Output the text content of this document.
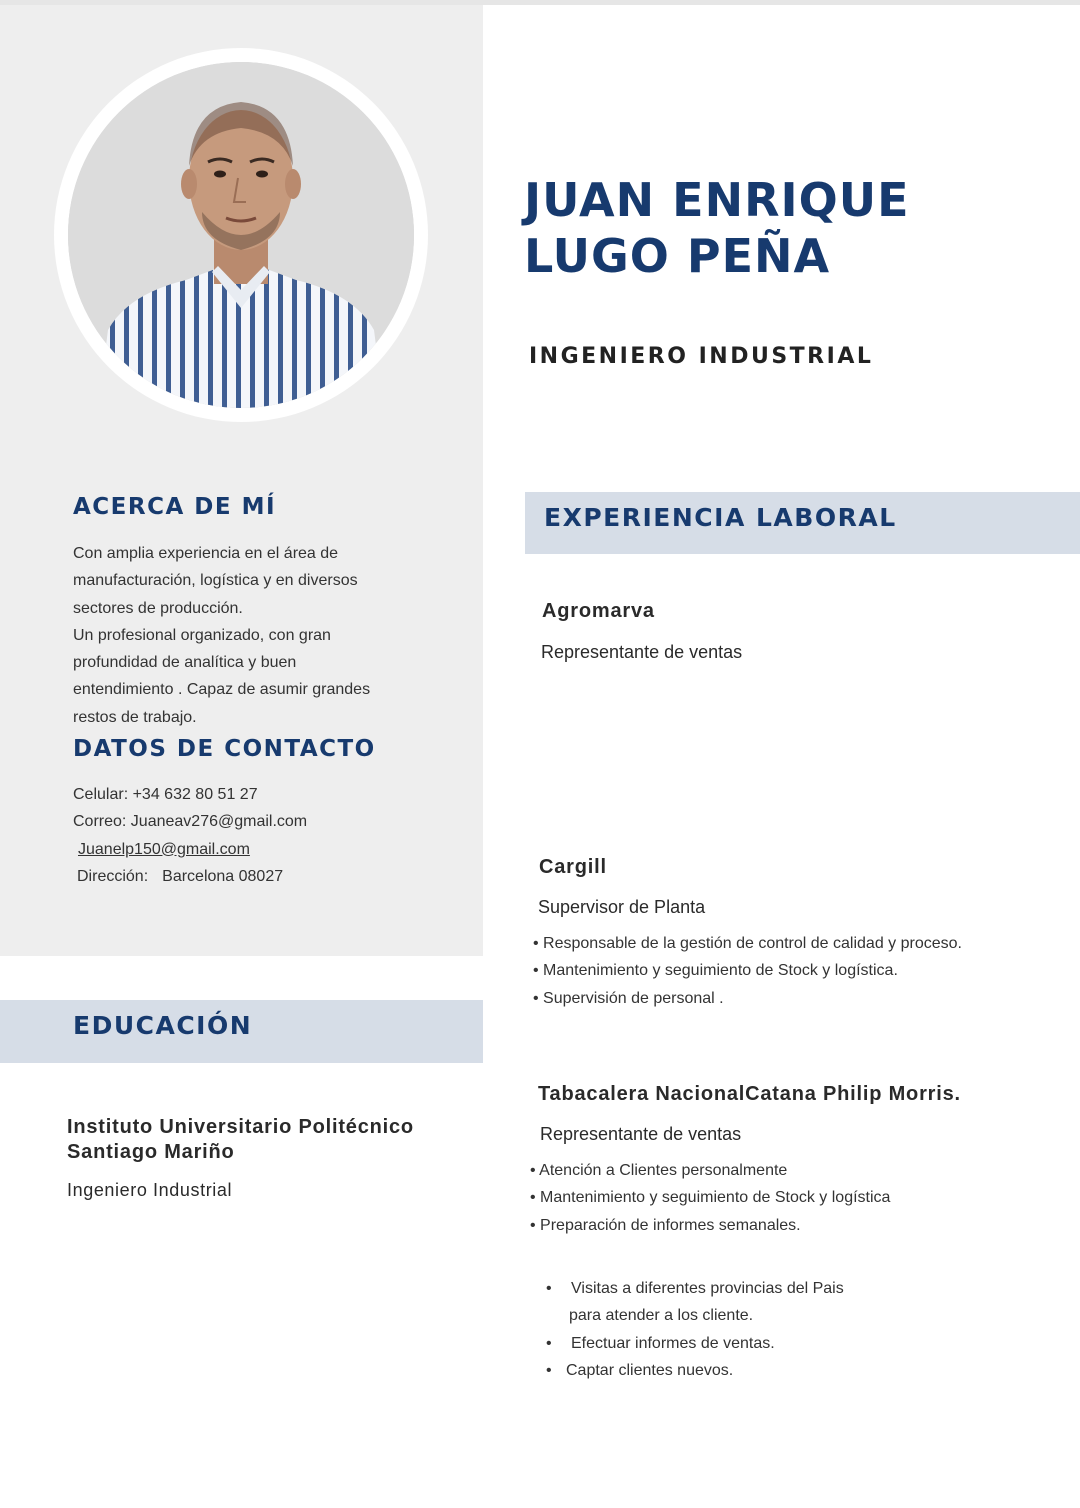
JUAN ENRIQUE
LUGO PEÑA
INGENIERO INDUSTRIAL
ACERCA DE MÍ
Con amplia experiencia en el área de
manufacturación, logística y en diversos
sectores de producción.
Un profesional organizado, con gran
profundidad de analítica y buen
entendimiento . Capaz de asumir grandes
restos de trabajo.
DATOS DE CONTACTO
Celular: +34 632 80 51 27
Correo: Juaneav276@gmail.com
Juanelp150@gmail.com
Dirección: Barcelona 08027
EDUCACIÓN
Instituto Universitario Politécnico
Santiago Mariño
Ingeniero Industrial
EXPERIENCIA LABORAL
Agromarva
Representante de ventas
• Visitas a diferentes provincias del Pais
para atender a los cliente.
• Efectuar informes de ventas.
• Captar clientes nuevos.
Cargill
Supervisor de Planta
• Responsable de la gestión de control de calidad y proceso.
• Mantenimiento y seguimiento de Stock y logística.
• Supervisión de personal .
Tabacalera NacionalCatana Philip Morris.
Representante de ventas
• Atención a Clientes personalmente
• Mantenimiento y seguimiento de Stock y logística
• Preparación de informes semanales.
